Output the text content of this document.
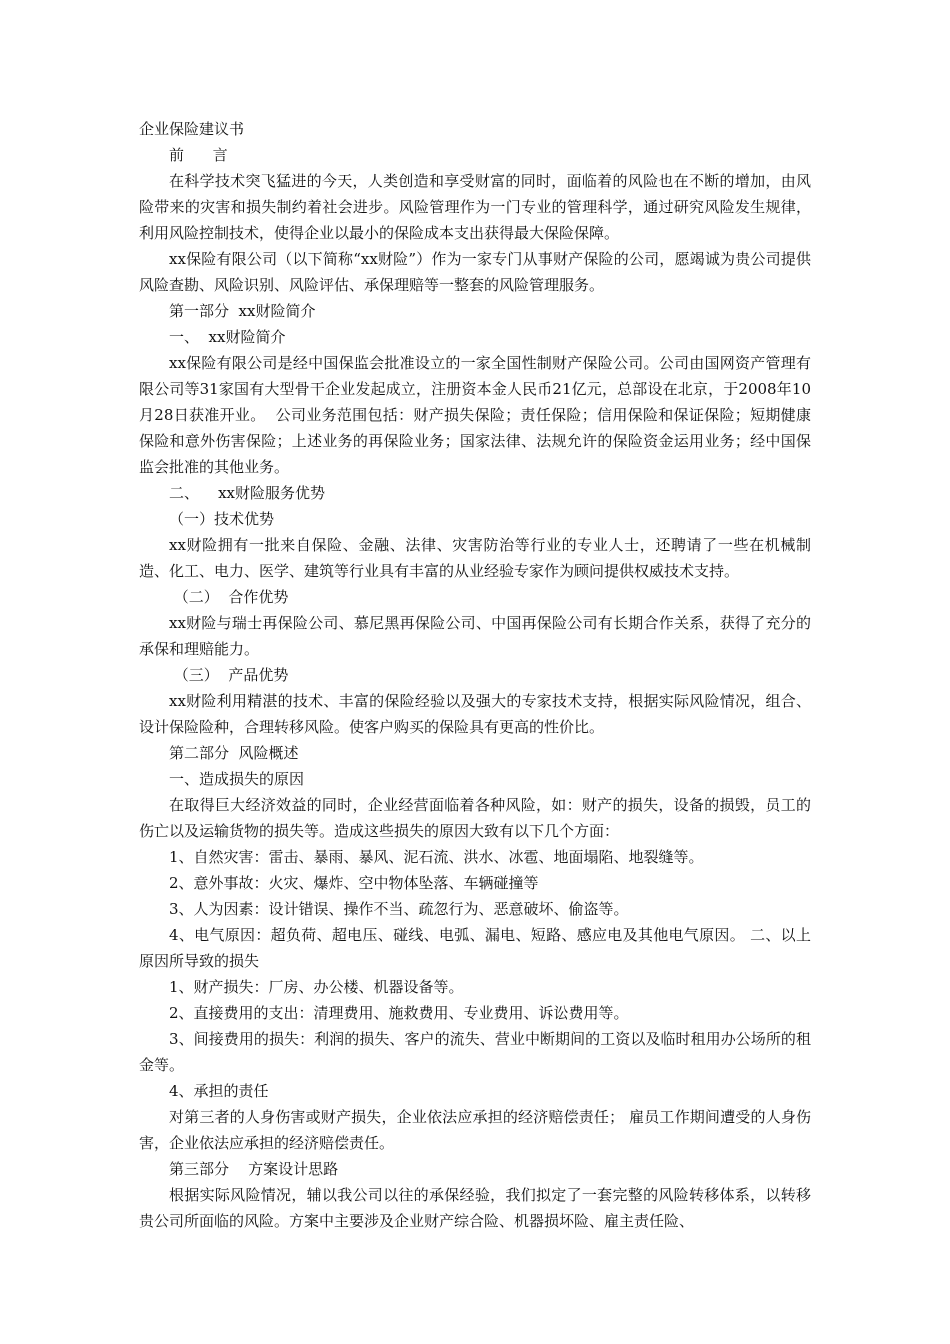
企业保险建议书

前      言

在科学技术突飞猛进的今天，人类创造和享受财富的同时，面临着的风险也在不断的增加，由风险带来的灾害和损失制约着社会进步。风险管理作为一门专业的管理科学，通过研究风险发生规律，利用风险控制技术，使得企业以最小的保险成本支出获得最大保险保障。

xx保险有限公司（以下简称“xx财险”）作为一家专门从事财产保险的公司，愿竭诚为贵公司提供风险查勘、风险识别、风险评估、承保理赔等一整套的风险管理服务。

第一部分  xx财险简介

一、  xx财险简介

xx保险有限公司是经中国保监会批准设立的一家全国性制财产保险公司。公司由国网资产管理有限公司等31家国有大型骨干企业发起成立，注册资本金人民币21亿元，总部设在北京，于2008年10月28日获准开业。  公司业务范围包括：财产损失保险；责任保险；信用保险和保证保险；短期健康保险和意外伤害保险；上述业务的再保险业务；国家法律、法规允许的保险资金运用业务；经中国保监会批准的其他业务。

二、    xx财险服务优势

（一）技术优势

xx财险拥有一批来自保险、金融、法律、灾害防治等行业的专业人士，还聘请了一些在机械制造、化工、电力、医学、建筑等行业具有丰富的从业经验专家作为顾问提供权威技术支持。

（二）  合作优势

xx财险与瑞士再保险公司、慕尼黑再保险公司、中国再保险公司有长期合作关系，获得了充分的承保和理赔能力。

（三）  产品优势

xx财险利用精湛的技术、丰富的保险经验以及强大的专家技术支持，根据实际风险情况，组合、设计保险险种，合理转移风险。使客户购买的保险具有更高的性价比。

第二部分  风险概述

一、造成损失的原因

在取得巨大经济效益的同时，企业经营面临着各种风险，如：财产的损失，设备的损毁，员工的伤亡以及运输货物的损失等。造成这些损失的原因大致有以下几个方面：

1、自然灾害：雷击、暴雨、暴风、泥石流、洪水、冰雹、地面塌陷、地裂缝等。

2、意外事故：火灾、爆炸、空中物体坠落、车辆碰撞等

3、人为因素：设计错误、操作不当、疏忽行为、恶意破坏、偷盗等。

4、电气原因：超负荷、超电压、碰线、电弧、漏电、短路、感应电及其他电气原因。 二、以上原因所导致的损失

1、财产损失：厂房、办公楼、机器设备等。

2、直接费用的支出：清理费用、施救费用、专业费用、诉讼费用等。

3、间接费用的损失：利润的损失、客户的流失、营业中断期间的工资以及临时租用办公场所的租金等。

4、承担的责任

对第三者的人身伤害或财产损失，企业依法应承担的经济赔偿责任； 雇员工作期间遭受的人身伤害，企业依法应承担的经济赔偿责任。

第三部分    方案设计思路

根据实际风险情况，辅以我公司以往的承保经验，我们拟定了一套完整的风险转移体系，以转移贵公司所面临的风险。方案中主要涉及企业财产综合险、机器损坏险、雇主责任险、
